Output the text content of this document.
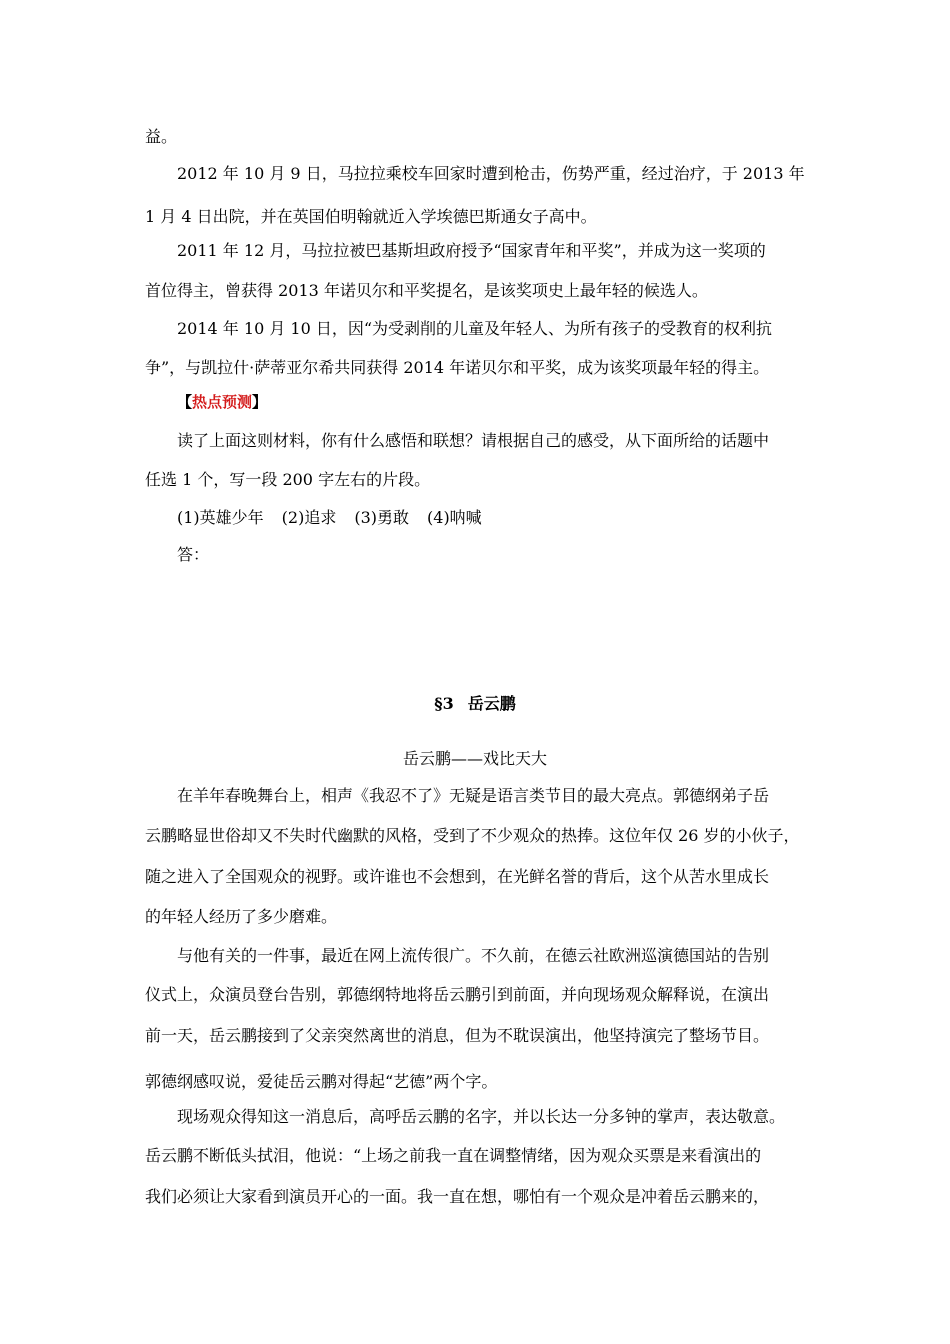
益。
2012 年 10 月 9 日，马拉拉乘校车回家时遭到枪击，伤势严重，经过治疗，于 2013 年
1 月 4 日出院，并在英国伯明翰就近入学埃德巴斯通女子高中。
2011 年 12 月，马拉拉被巴基斯坦政府授予“国家青年和平奖”，并成为这一奖项的
首位得主，曾获得 2013 年诺贝尔和平奖提名，是该奖项史上最年轻的候选人。
2014 年 10 月 10 日，因“为受剥削的儿童及年轻人、为所有孩子的受教育的权利抗
争”，与凯拉什·萨蒂亚尔希共同获得 2014 年诺贝尔和平奖，成为该奖项最年轻的得主。
【热点预测】
读了上面这则材料，你有什么感悟和联想？请根据自己的感受，从下面所给的话题中
任选 1 个，写一段 200 字左右的片段。
(1)英雄少年 (2)追求 (3)勇敢 (4)呐喊
答：
§3 岳云鹏
岳云鹏——戏比天大
在羊年春晚舞台上，相声《我忍不了》无疑是语言类节目的最大亮点。郭德纲弟子岳
云鹏略显世俗却又不失时代幽默的风格，受到了不少观众的热捧。这位年仅 26 岁的小伙子，
随之进入了全国观众的视野。或许谁也不会想到，在光鲜名誉的背后，这个从苦水里成长
的年轻人经历了多少磨难。
与他有关的一件事，最近在网上流传很广。不久前，在德云社欧洲巡演德国站的告别
仪式上，众演员登台告别，郭德纲特地将岳云鹏引到前面，并向现场观众解释说，在演出
前一天，岳云鹏接到了父亲突然离世的消息，但为不耽误演出，他坚持演完了整场节目。
郭德纲感叹说，爱徒岳云鹏对得起“艺德”两个字。
现场观众得知这一消息后，高呼岳云鹏的名字，并以长达一分多钟的掌声，表达敬意。
岳云鹏不断低头拭泪，他说：“上场之前我一直在调整情绪，因为观众买票是来看演出的
我们必须让大家看到演员开心的一面。我一直在想，哪怕有一个观众是冲着岳云鹏来的，
